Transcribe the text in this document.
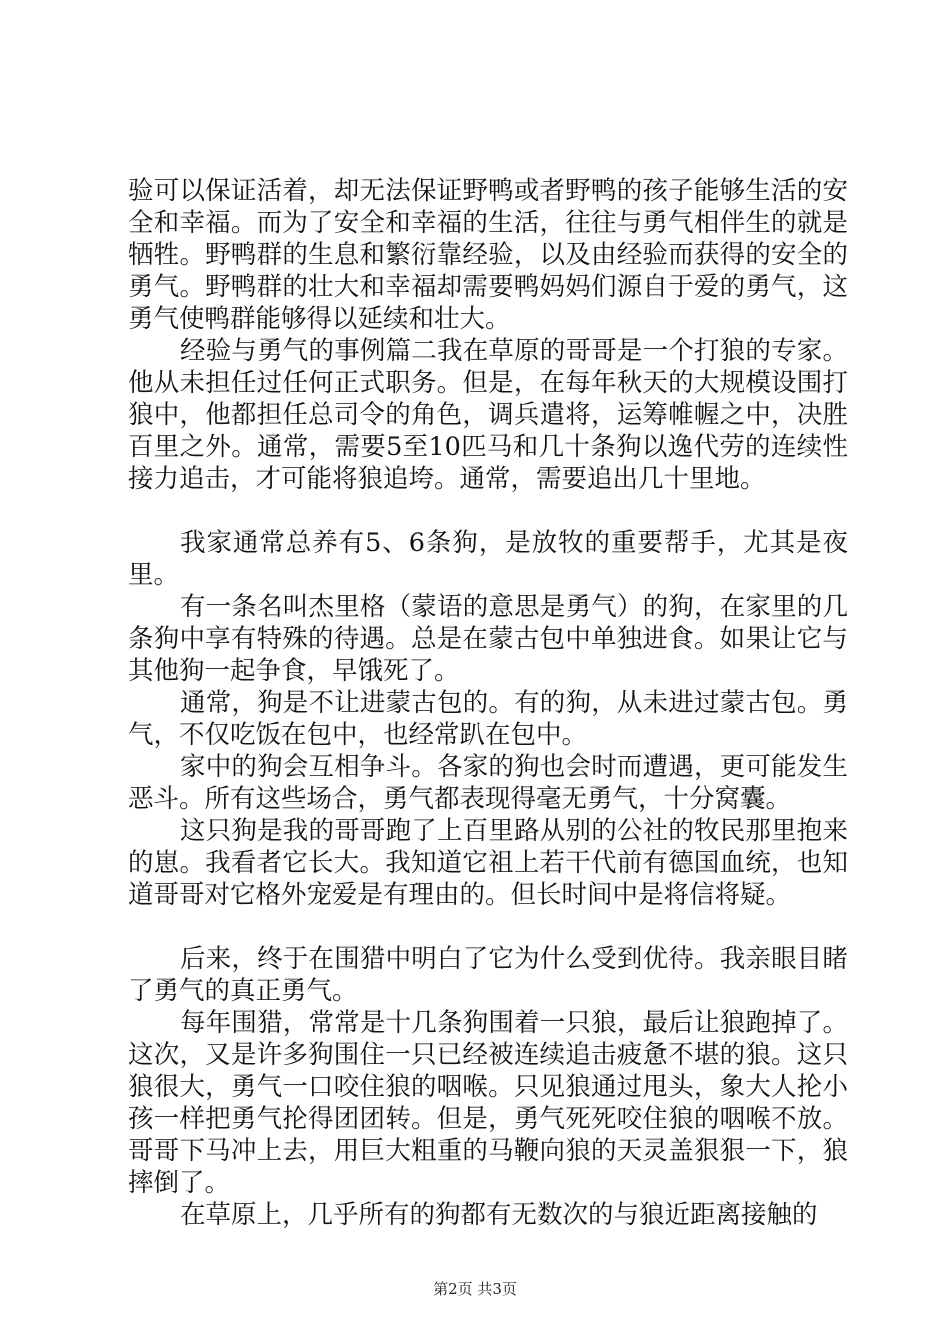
验可以保证活着，却无法保证野鸭或者野鸭的孩子能够生活的安全和幸福。而为了安全和幸福的生活，往往与勇气相伴生的就是牺牲。野鸭群的生息和繁衍靠经验，以及由经验而获得的安全的勇气。野鸭群的壮大和幸福却需要鸭妈妈们源自于爱的勇气，这勇气使鸭群能够得以延续和壮大。

经验与勇气的事例篇二我在草原的哥哥是一个打狼的专家。他从未担任过任何正式职务。但是，在每年秋天的大规模设围打狼中，他都担任总司令的角色，调兵遣将，运筹帷幄之中，决胜百里之外。通常，需要5至10匹马和几十条狗以逸代劳的连续性接力追击，才可能将狼追垮。通常，需要追出几十里地。

我家通常总养有5、6条狗，是放牧的重要帮手，尤其是夜里。

有一条名叫杰里格（蒙语的意思是勇气）的狗，在家里的几条狗中享有特殊的待遇。总是在蒙古包中单独进食。如果让它与其他狗一起争食，早饿死了。

通常，狗是不让进蒙古包的。有的狗，从未进过蒙古包。勇气，不仅吃饭在包中，也经常趴在包中。

家中的狗会互相争斗。各家的狗也会时而遭遇，更可能发生恶斗。所有这些场合，勇气都表现得毫无勇气，十分窝囊。

这只狗是我的哥哥跑了上百里路从别的公社的牧民那里抱来的崽。我看者它长大。我知道它祖上若干代前有德国血统，也知道哥哥对它格外宠爱是有理由的。但长时间中是将信将疑。

后来，终于在围猎中明白了它为什么受到优待。我亲眼目睹了勇气的真正勇气。

每年围猎，常常是十几条狗围着一只狼，最后让狼跑掉了。这次，又是许多狗围住一只已经被连续追击疲惫不堪的狼。这只狼很大，勇气一口咬住狼的咽喉。只见狼通过甩头，象大人抡小孩一样把勇气抡得团团转。但是，勇气死死咬住狼的咽喉不放。哥哥下马冲上去，用巨大粗重的马鞭向狼的天灵盖狠狠一下，狼摔倒了。

在草原上，几乎所有的狗都有无数次的与狼近距离接触的

第2页 共3页
